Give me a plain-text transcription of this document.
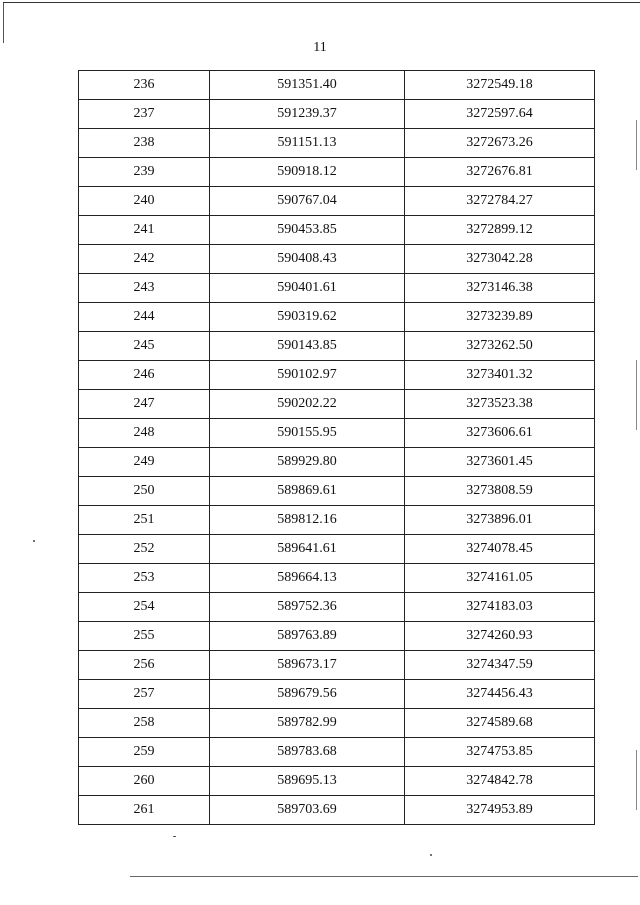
11
236	591351.40	3272549.18
237	591239.37	3272597.64
238	591151.13	3272673.26
239	590918.12	3272676.81
240	590767.04	3272784.27
241	590453.85	3272899.12
242	590408.43	3273042.28
243	590401.61	3273146.38
244	590319.62	3273239.89
245	590143.85	3273262.50
246	590102.97	3273401.32
247	590202.22	3273523.38
248	590155.95	3273606.61
249	589929.80	3273601.45
250	589869.61	3273808.59
251	589812.16	3273896.01
252	589641.61	3274078.45
253	589664.13	3274161.05
254	589752.36	3274183.03
255	589763.89	3274260.93
256	589673.17	3274347.59
257	589679.56	3274456.43
258	589782.99	3274589.68
259	589783.68	3274753.85
260	589695.13	3274842.78
261	589703.69	3274953.89
